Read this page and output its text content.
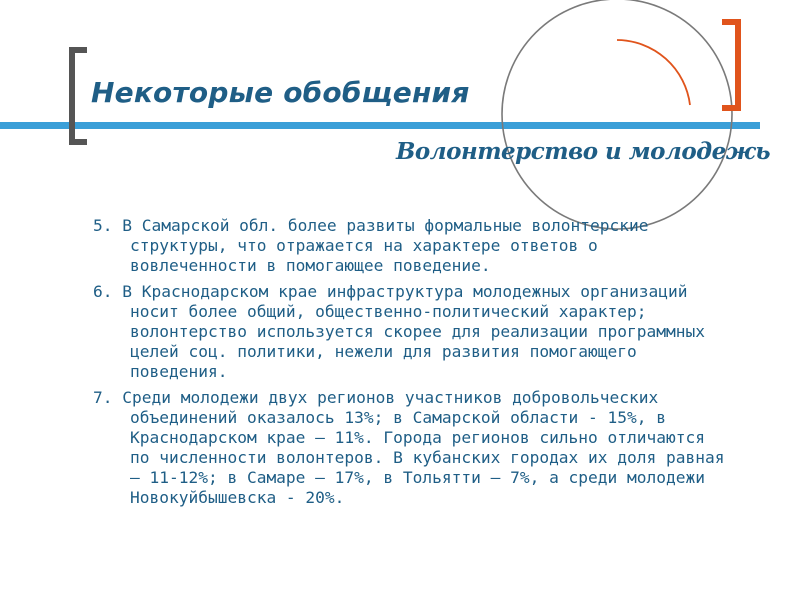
Некоторые обобщения
Волонтерство и молодежь

5. В Самарской обл. более развиты формальные волонтерские структуры, что отражается на характере ответов о вовлеченности в помогающее поведение.

6. В Краснодарском крае инфраструктура молодежных организаций носит более общий, общественно-политический характер; волонтерство используется скорее для реализации программных целей соц. политики, нежели для развития помогающего поведения.

7. Среди молодежи двух регионов участников добровольческих объединений оказалось 13%; в Самарской области - 15%, в Краснодарском крае — 11%. Города регионов сильно отличаются по численности волонтеров. В кубанских городах их доля равная — 11-12%; в Самаре — 17%, в Тольятти — 7%, а среди молодежи Новокуйбышевска - 20%.
